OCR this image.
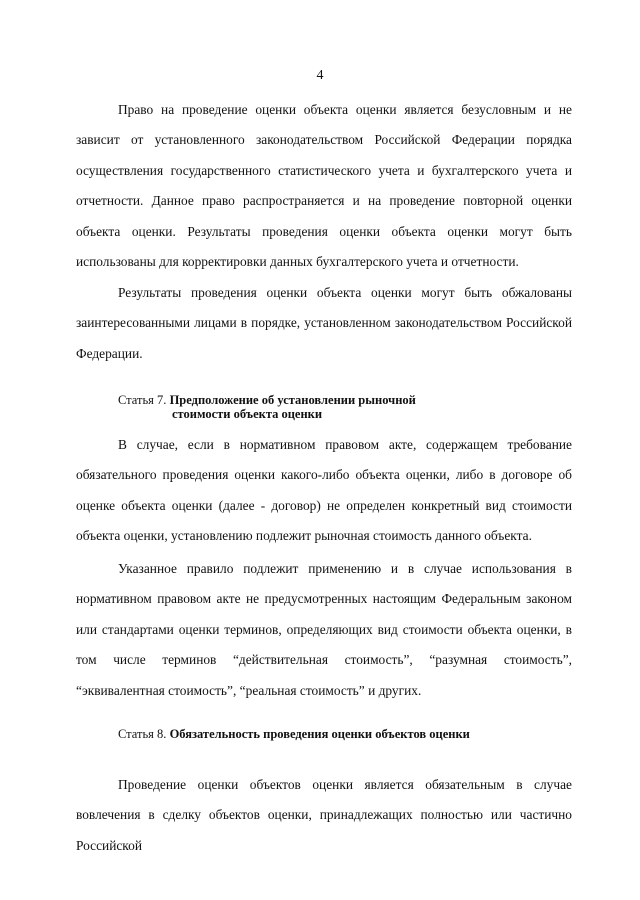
4

Право на проведение оценки объекта оценки является безусловным и не зависит от установленного законодательством Российской Федерации порядка осуществления государственного статистического учета и бухгалтерского учета и отчетности. Данное право распространяется и на проведение повторной оценки объекта оценки. Результаты проведения оценки объекта оценки могут быть использованы для корректировки данных бухгалтерского учета и отчетности.

Результаты проведения оценки объекта оценки могут быть обжалованы заинтересованными лицами в порядке, установленном законодательством Российской Федерации.

Статья 7. Предположение об установлении рыночной
стоимости объекта оценки

В случае, если в нормативном правовом акте, содержащем требование обязательного проведения оценки какого-либо объекта оценки, либо в договоре об оценке объекта оценки (далее - договор) не определен конкретный вид стоимости объекта оценки, установлению подлежит рыночная стоимость данного объекта.

Указанное правило подлежит применению и в случае использования в нормативном правовом акте не предусмотренных настоящим Федеральным законом или стандартами оценки терминов, определяющих вид стоимости объекта оценки, в том числе терминов “действительная стоимость”, “разумная стоимость”, “эквивалентная стоимость”, “реальная стоимость” и других.

Статья 8. Обязательность проведения оценки объектов оценки

Проведение оценки объектов оценки является обязательным в случае вовлечения в сделку объектов оценки, принадлежащих полностью или частично Российской
